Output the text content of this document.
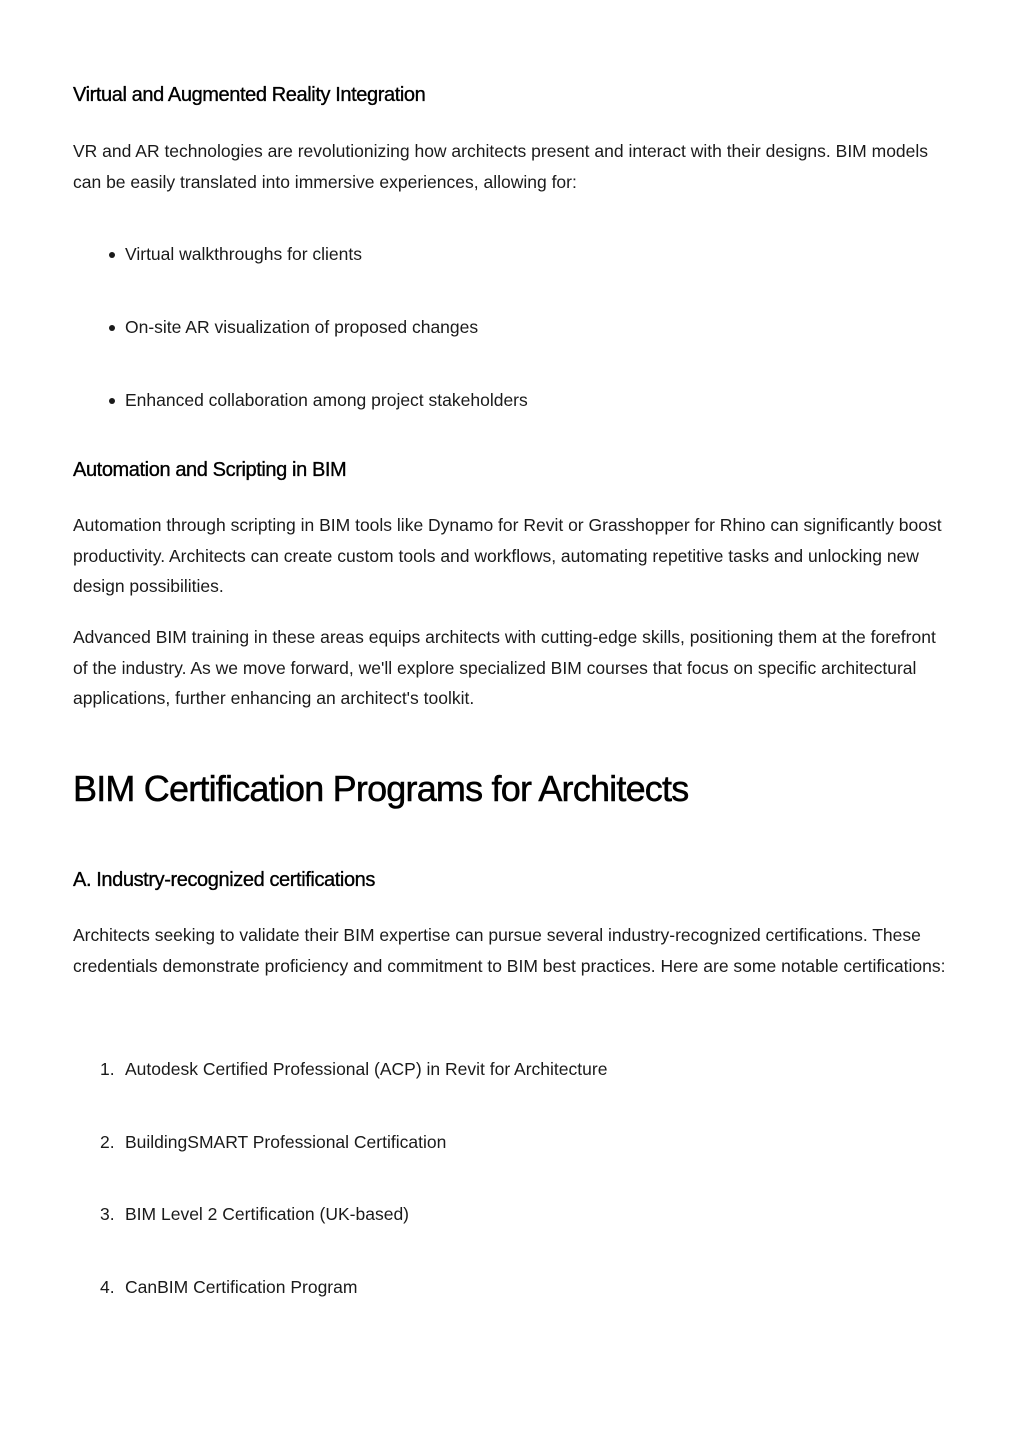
Virtual and Augmented Reality Integration

VR and AR technologies are revolutionizing how architects present and interact with their designs. BIM models can be easily translated into immersive experiences, allowing for:

Virtual walkthroughs for clients
On-site AR visualization of proposed changes
Enhanced collaboration among project stakeholders
Automation and Scripting in BIM

Automation through scripting in BIM tools like Dynamo for Revit or Grasshopper for Rhino can significantly boost productivity. Architects can create custom tools and workflows, automating repetitive tasks and unlocking new design possibilities.

Advanced BIM training in these areas equips architects with cutting-edge skills, positioning them at the forefront of the industry. As we move forward, we'll explore specialized BIM courses that focus on specific architectural applications, further enhancing an architect's toolkit.

BIM Certification Programs for Architects
A. Industry-recognized certifications

Architects seeking to validate their BIM expertise can pursue several industry-recognized certifications. These credentials demonstrate proficiency and commitment to BIM best practices. Here are some notable certifications:

1. Autodesk Certified Professional (ACP) in Revit for Architecture
2. BuildingSMART Professional Certification
3. BIM Level 2 Certification (UK-based)
4. CanBIM Certification Program
